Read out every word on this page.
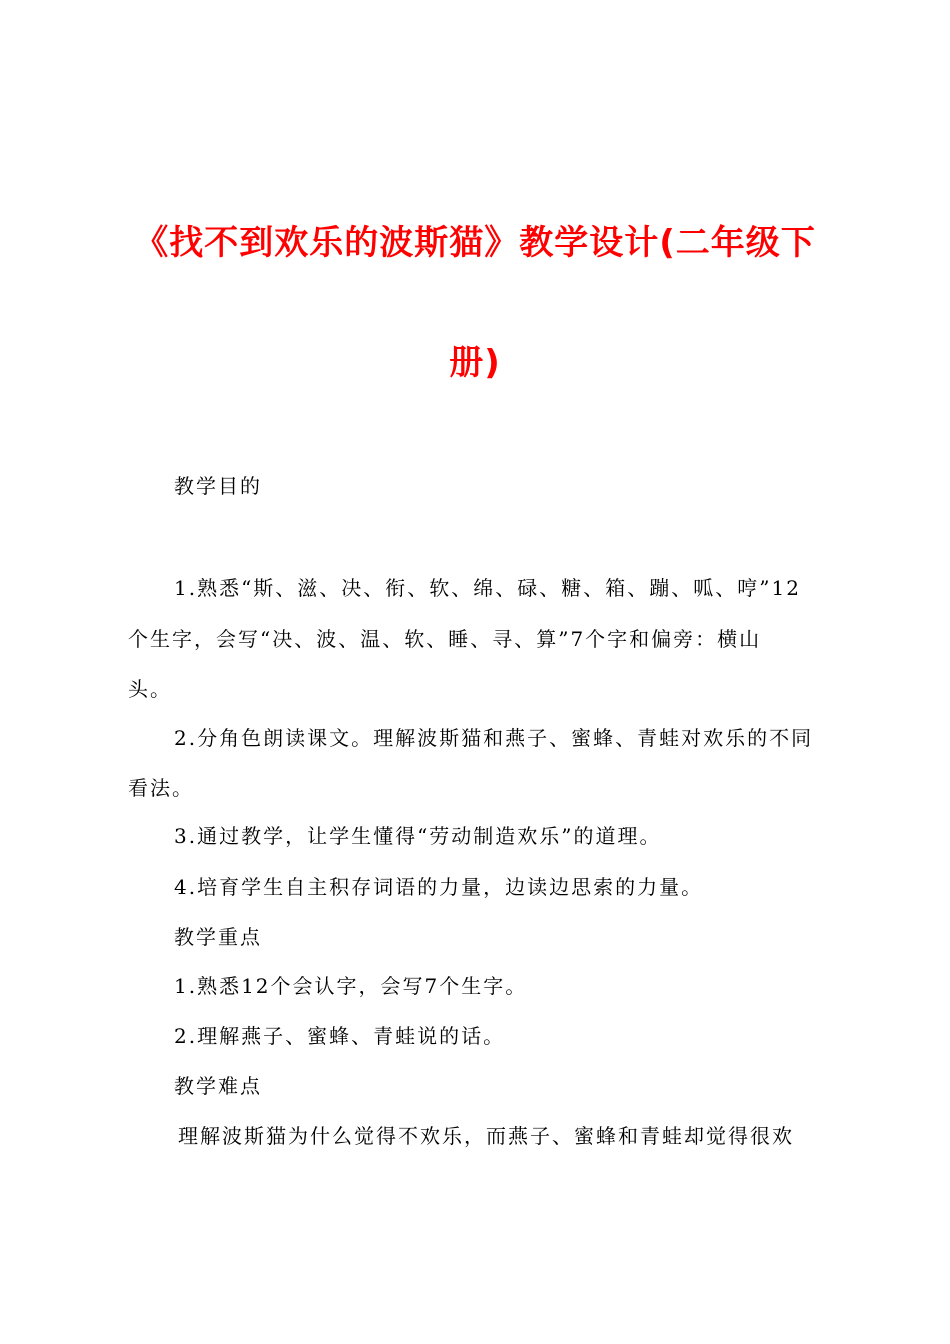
《找不到欢乐的波斯猫》教学设计(二年级下
册)

教学目的

1.熟悉“斯、滋、决、衔、软、绵、碌、糖、箱、蹦、呱、哼”12

个生字，会写“决、波、温、软、睡、寻、算”7个字和偏旁：横山

头。

2.分角色朗读课文。理解波斯猫和燕子、蜜蜂、青蛙对欢乐的不同

看法。

3.通过教学，让学生懂得“劳动制造欢乐”的道理。

4.培育学生自主积存词语的力量，边读边思索的力量。

教学重点

1.熟悉12个会认字，会写7个生字。

2.理解燕子、蜜蜂、青蛙说的话。

教学难点

理解波斯猫为什么觉得不欢乐，而燕子、蜜蜂和青蛙却觉得很欢
